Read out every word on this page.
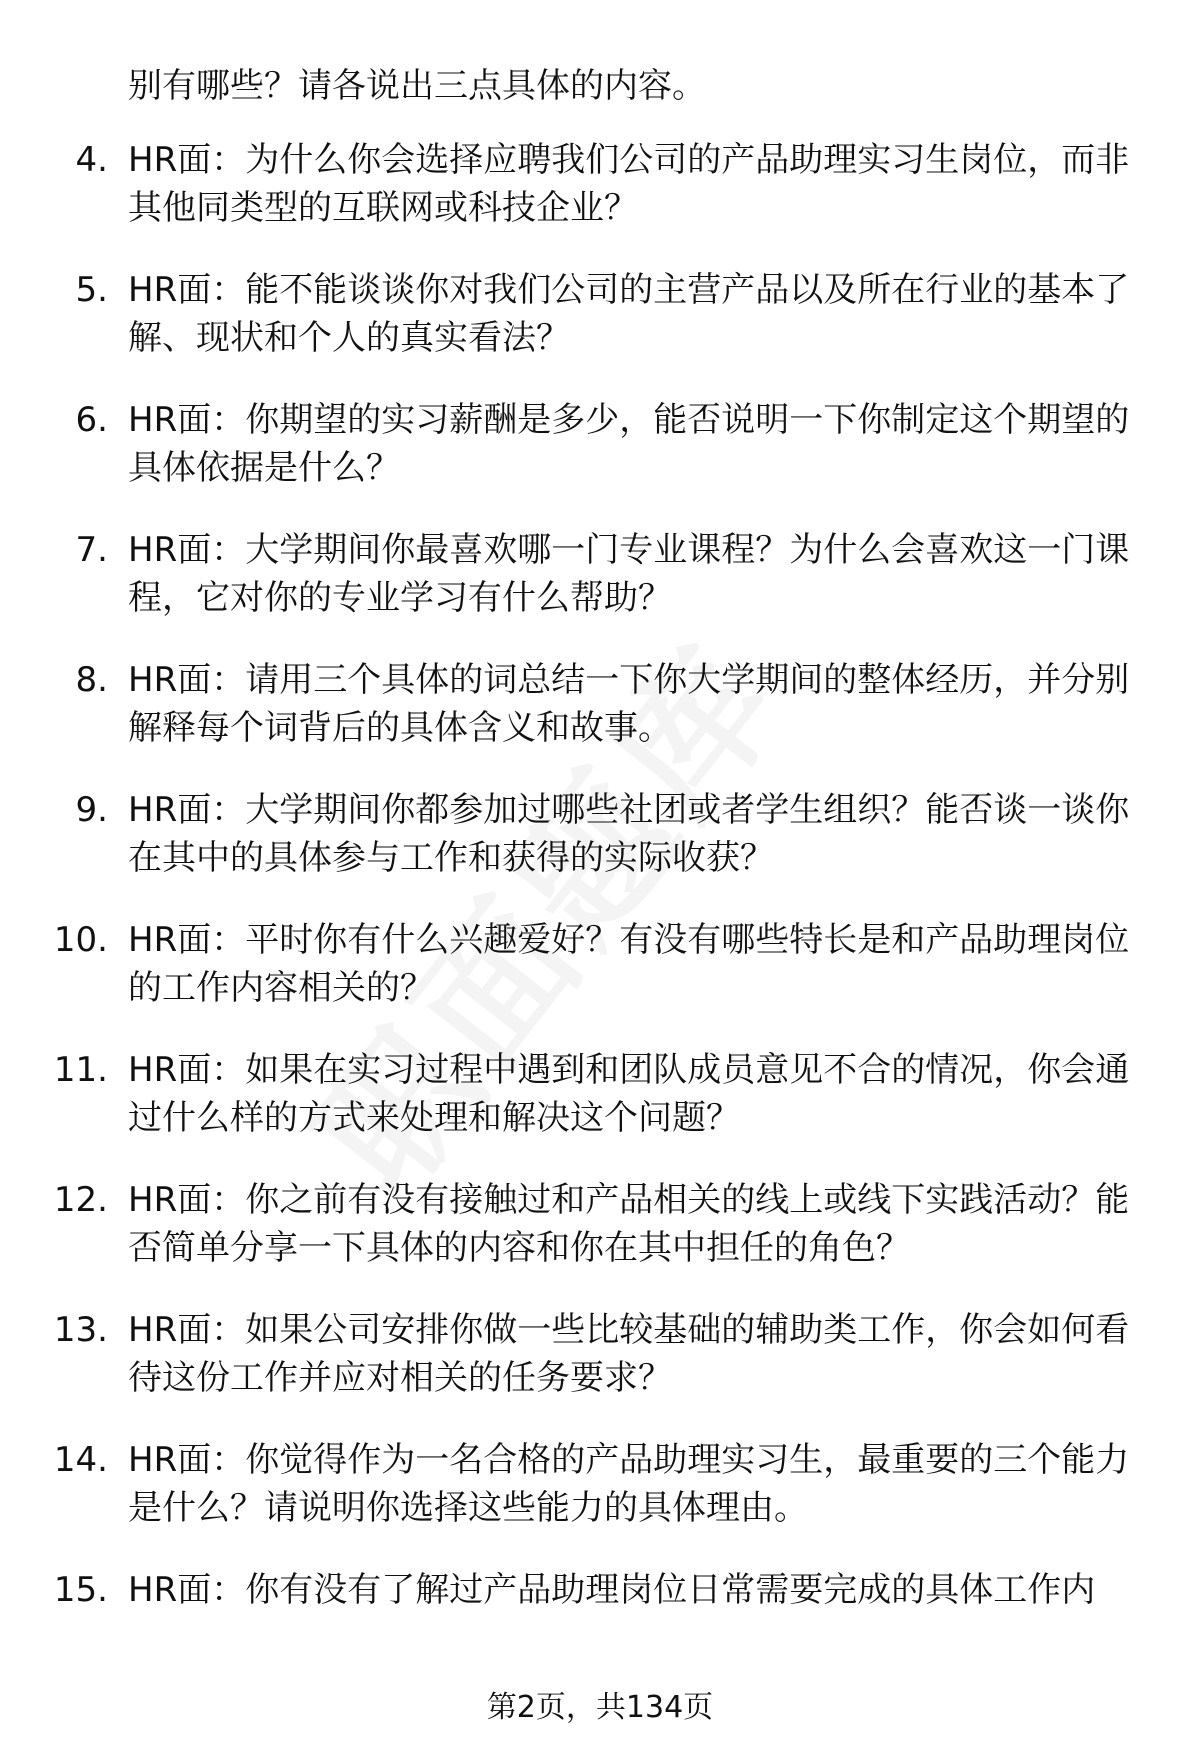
别有哪些？请各说出三点具体的内容。

4. HR面：为什么你会选择应聘我们公司的产品助理实习生岗位，而非其他同类型的互联网或科技企业？

5. HR面：能不能谈谈你对我们公司的主营产品以及所在行业的基本了解、现状和个人的真实看法？

6. HR面：你期望的实习薪酬是多少，能否说明一下你制定这个期望的具体依据是什么？

7. HR面：大学期间你最喜欢哪一门专业课程？为什么会喜欢这一门课程，它对你的专业学习有什么帮助？

8. HR面：请用三个具体的词总结一下你大学期间的整体经历，并分别解释每个词背后的具体含义和故事。

9. HR面：大学期间你都参加过哪些社团或者学生组织？能否谈一谈你在其中的具体参与工作和获得的实际收获？

10. HR面：平时你有什么兴趣爱好？有没有哪些特长是和产品助理岗位的工作内容相关的？

11. HR面：如果在实习过程中遇到和团队成员意见不合的情况，你会通过什么样的方式来处理和解决这个问题？

12. HR面：你之前有没有接触过和产品相关的线上或线下实践活动？能否简单分享一下具体的内容和你在其中担任的角色？

13. HR面：如果公司安排你做一些比较基础的辅助类工作，你会如何看待这份工作并应对相关的任务要求？

14. HR面：你觉得作为一名合格的产品助理实习生，最重要的三个能力是什么？请说明你选择这些能力的具体理由。

15. HR面：你有没有了解过产品助理岗位日常需要完成的具体工作内

第2页，共134页
